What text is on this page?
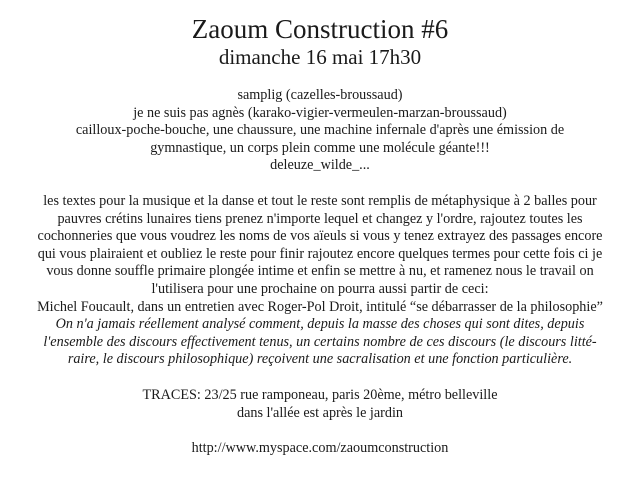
Zaoum Construction #6
dimanche 16 mai 17h30
samplig (cazelles-broussaud)
je ne suis pas agnès (karako-vigier-vermeulen-marzan-broussaud)
cailloux-poche-bouche, une chaussure, une machine infernale d'après une émission de
gymnastique, un corps plein comme une molécule géante!!!
deleuze_wilde_...
les textes pour la musique et la danse et tout le reste sont remplis de métaphysique à 2 balles pour
pauvres crétins lunaires tiens prenez n'importe lequel et changez y l'ordre, rajoutez toutes les
cochonneries que vous voudrez les noms de vos aïeuls si vous y tenez extrayez des passages encore
qui vous plairaient et oubliez le reste pour finir rajoutez encore quelques termes pour cette fois ci je
vous donne souffle primaire plongée intime et enfin se mettre à nu, et ramenez nous le travail on
l'utilisera pour une prochaine on pourra aussi partir de ceci:
Michel Foucault, dans un entretien avec Roger-Pol Droit, intitulé “se débarrasser de la philosophie”
On n'a jamais réellement analysé comment, depuis la masse des choses qui sont dites, depuis
l'ensemble des discours effectivement tenus, un certains nombre de ces discours (le discours litté-
raire, le discours philosophique) reçoivent une sacralisation et une fonction particulière.
TRACES: 23/25 rue ramponeau, paris 20ème, métro belleville
dans l'allée est après le jardin
http://www.myspace.com/zaoumconstruction
